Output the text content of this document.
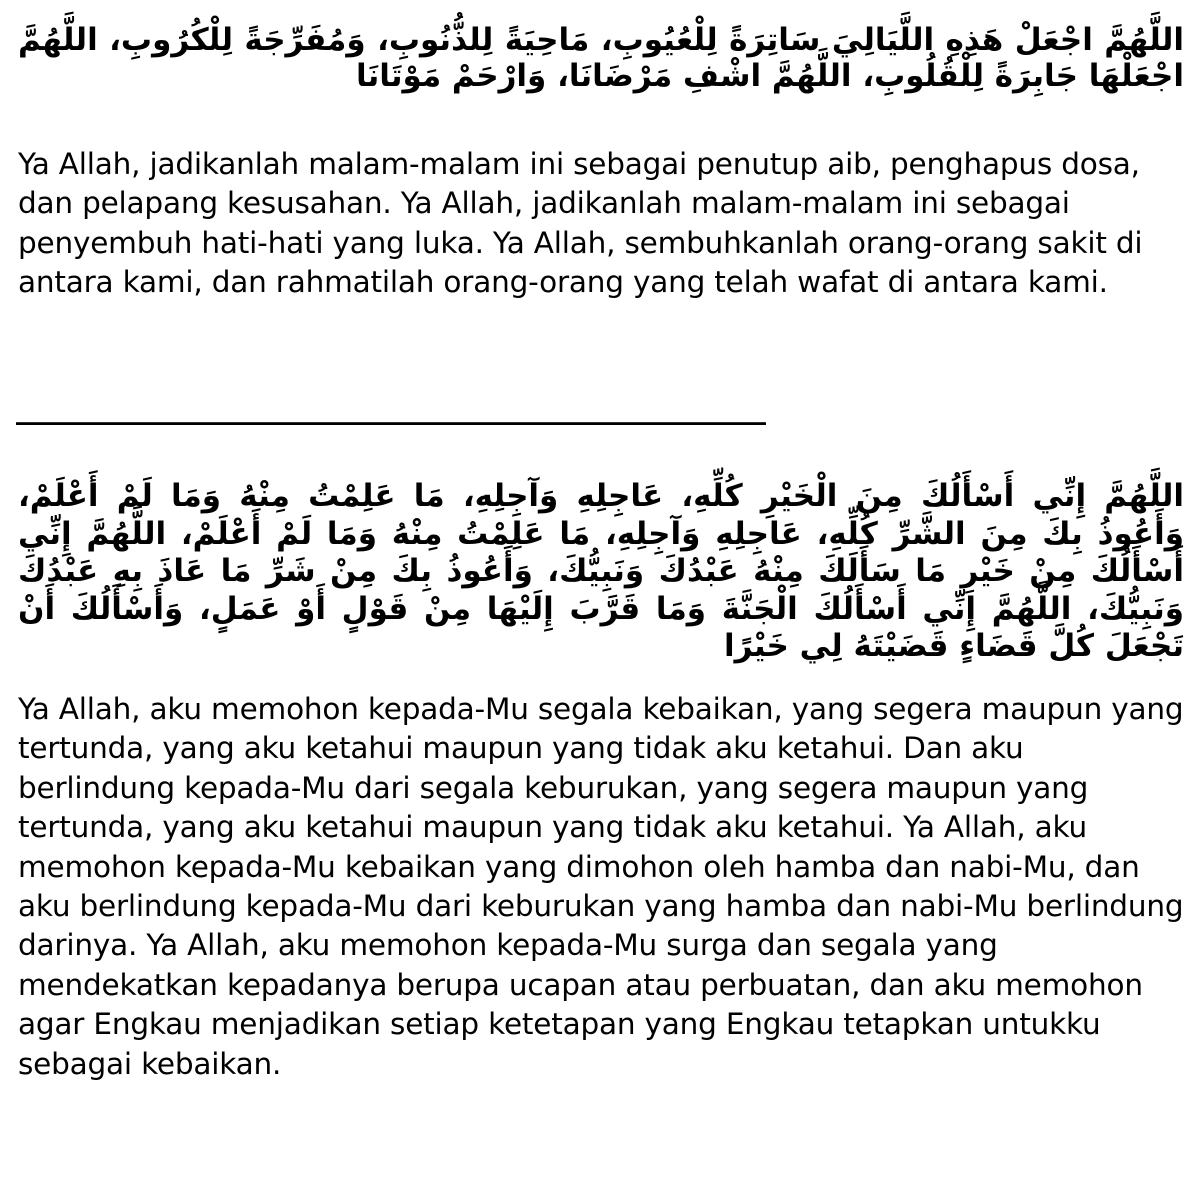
اللَّهُمَّ اجْعَلْ هَذِهِ اللَّيَالِيَ سَاتِرَةً لِلْعُيُوبِ، مَاحِيَةً لِلذُّنُوبِ، وَمُفَرِّجَةً لِلْكُرُوبِ، اللَّهُمَّ اجْعَلْهَا جَابِرَةً لِلْقُلُوبِ، اللَّهُمَّ اشْفِ مَرْضَانَا، وَارْحَمْ مَوْتَانَا

Ya Allah, jadikanlah malam-malam ini sebagai penutup aib, penghapus dosa, dan pelapang kesusahan. Ya Allah, jadikanlah malam-malam ini sebagai penyembuh hati-hati yang luka. Ya Allah, sembuhkanlah orang-orang sakit di antara kami, dan rahmatilah orang-orang yang telah wafat di antara kami.

__________________________________________________

اللَّهُمَّ إِنِّي أَسْأَلُكَ مِنَ الْخَيْرِ كُلِّهِ، عَاجِلِهِ وَآجِلِهِ، مَا عَلِمْتُ مِنْهُ وَمَا لَمْ أَعْلَمْ، وَأَعُوذُ بِكَ مِنَ الشَّرِّ كُلِّهِ، عَاجِلِهِ وَآجِلِهِ، مَا عَلِمْتُ مِنْهُ وَمَا لَمْ أَعْلَمْ، اللَّهُمَّ إِنِّي أَسْأَلُكَ مِنْ خَيْرِ مَا سَأَلَكَ مِنْهُ عَبْدُكَ وَنَبِيُّكَ، وَأَعُوذُ بِكَ مِنْ شَرِّ مَا عَاذَ بِهِ عَبْدُكَ وَنَبِيُّكَ، اللَّهُمَّ إِنِّي أَسْأَلُكَ الْجَنَّةَ وَمَا قَرَّبَ إِلَيْهَا مِنْ قَوْلٍ أَوْ عَمَلٍ، وَأَسْأَلُكَ أَنْ تَجْعَلَ كُلَّ قَضَاءٍ قَضَيْتَهُ لِي خَيْرًا

Ya Allah, aku memohon kepada-Mu segala kebaikan, yang segera maupun yang tertunda, yang aku ketahui maupun yang tidak aku ketahui. Dan aku berlindung kepada-Mu dari segala keburukan, yang segera maupun yang tertunda, yang aku ketahui maupun yang tidak aku ketahui. Ya Allah, aku memohon kepada-Mu kebaikan yang dimohon oleh hamba dan nabi-Mu, dan aku berlindung kepada-Mu dari keburukan yang hamba dan nabi-Mu berlindung darinya. Ya Allah, aku memohon kepada-Mu surga dan segala yang mendekatkan kepadanya berupa ucapan atau perbuatan, dan aku memohon agar Engkau menjadikan setiap ketetapan yang Engkau tetapkan untukku sebagai kebaikan.
